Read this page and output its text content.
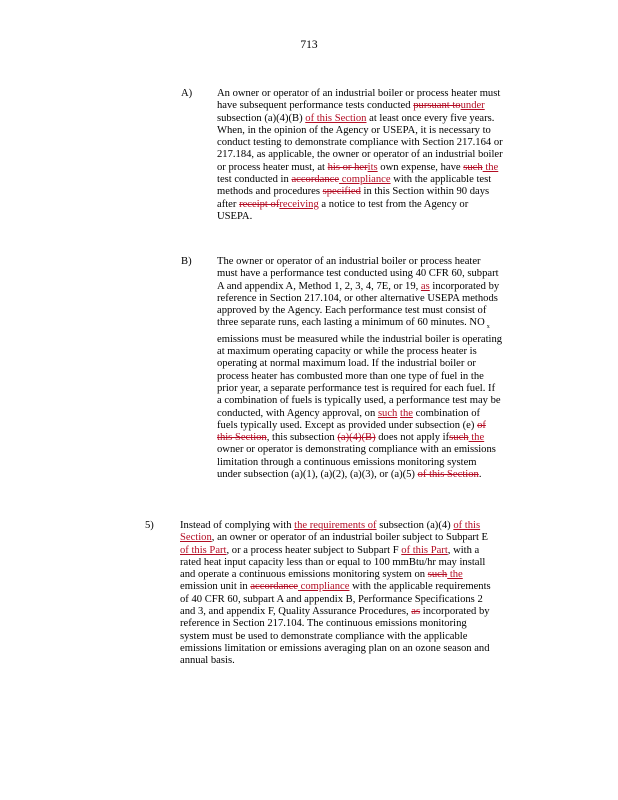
713
A) An owner or operator of an industrial boiler or process heater must

have subsequent performance tests conducted pursuant tounder

subsection (a)(4)(B) of this Section at least once every five years.

When, in the opinion of the Agency or USEPA, it is necessary to

conduct testing to demonstrate compliance with Section 217.164 or

217.184, as applicable, the owner or operator of an industrial boiler

or process heater must, at his or herits own expense, have such the

test conducted in accordance compliance with the applicable test

methods and procedures specified in this Section within 90 days

after receipt ofreceiving a notice to test from the Agency or

USEPA.

B) The owner or operator of an industrial boiler or process heater

must have a performance test conducted using 40 CFR 60, subpart

A and appendix A, Method 1, 2, 3, 4, 7E, or 19, as incorporated by

reference in Section 217.104, or other alternative USEPA methods

approved by the Agency. Each performance test must consist of

three separate runs, each lasting a minimum of 60 minutes. NO $_x$

emissions must be measured while the industrial boiler is operating

at maximum operating capacity or while the process heater is

operating at normal maximum load. If the industrial boiler or

process heater has combusted more than one type of fuel in the

prior year, a separate performance test is required for each fuel. If

a combination of fuels is typically used, a performance test may be

conducted, with Agency approval, on such the combination of

fuels typically used. Except as provided under subsection (e) of

this Section, this subsection (a)(4)(B) does not apply ifsuch the

owner or operator is demonstrating compliance with an emissions

limitation through a continuous emissions monitoring system

under subsection (a)(1), (a)(2), (a)(3), or (a)(5) of this Section.

5) Instead of complying with the requirements of subsection (a)(4) of this

Section, an owner or operator of an industrial boiler subject to Subpart E

of this Part, or a process heater subject to Subpart F of this Part, with a

rated heat input capacity less than or equal to 100 mmBtu/hr may install

and operate a continuous emissions monitoring system on such the

emission unit in accordance compliance with the applicable requirements

of 40 CFR 60, subpart A and appendix B, Performance Specifications 2

and 3, and appendix F, Quality Assurance Procedures, as incorporated by

reference in Section 217.104. The continuous emissions monitoring

system must be used to demonstrate compliance with the applicable

emissions limitation or emissions averaging plan on an ozone season and

annual basis.
